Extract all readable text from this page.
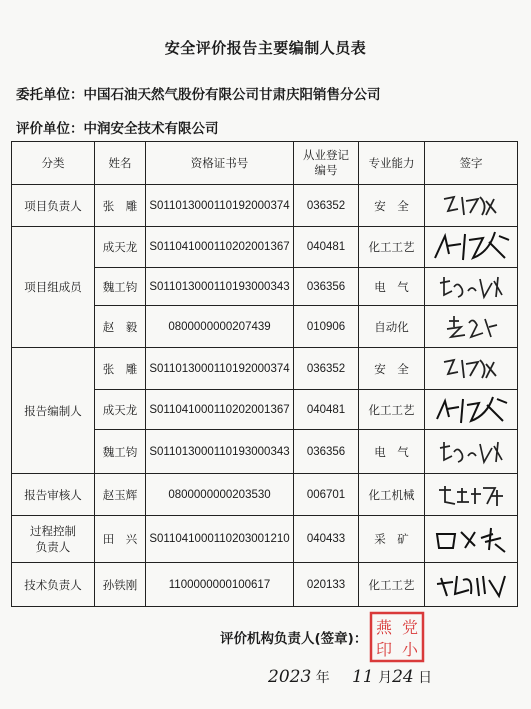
安全评价报告主要编制人员表
委托单位：中国石油天然气股份有限公司甘肃庆阳销售分公司
评价单位：中润安全技术有限公司
分类	姓名	资格证书号	从业登记
编号	专业能力	签字
项目负责人	张　雕	S011013000110192000374	036352	安　全	

项目组成员	成天龙	S011041000110202001367	040481	化工工艺	

	魏工钧	S011013000110193000343	036356	电　气	

	赵　毅	0800000000207439	010906	自动化	

报告编制人	张　雕	S011013000110192000374	036352	安　全	

	成天龙	S011041000110202001367	040481	化工工艺	

	魏工钧	S011013000110193000343	036356	电　气	

报告审核人	赵玉辉	0800000000203530	006701	化工机械	

过程控制
负责人	田　兴	S011041000110203001210	040433	采　矿	

技术负责人	孙铁刚	1100000000100617	020133	化工工艺	
评价机构负责人(签章)：
燕 党
印 小
2023 年 11 月24 日
